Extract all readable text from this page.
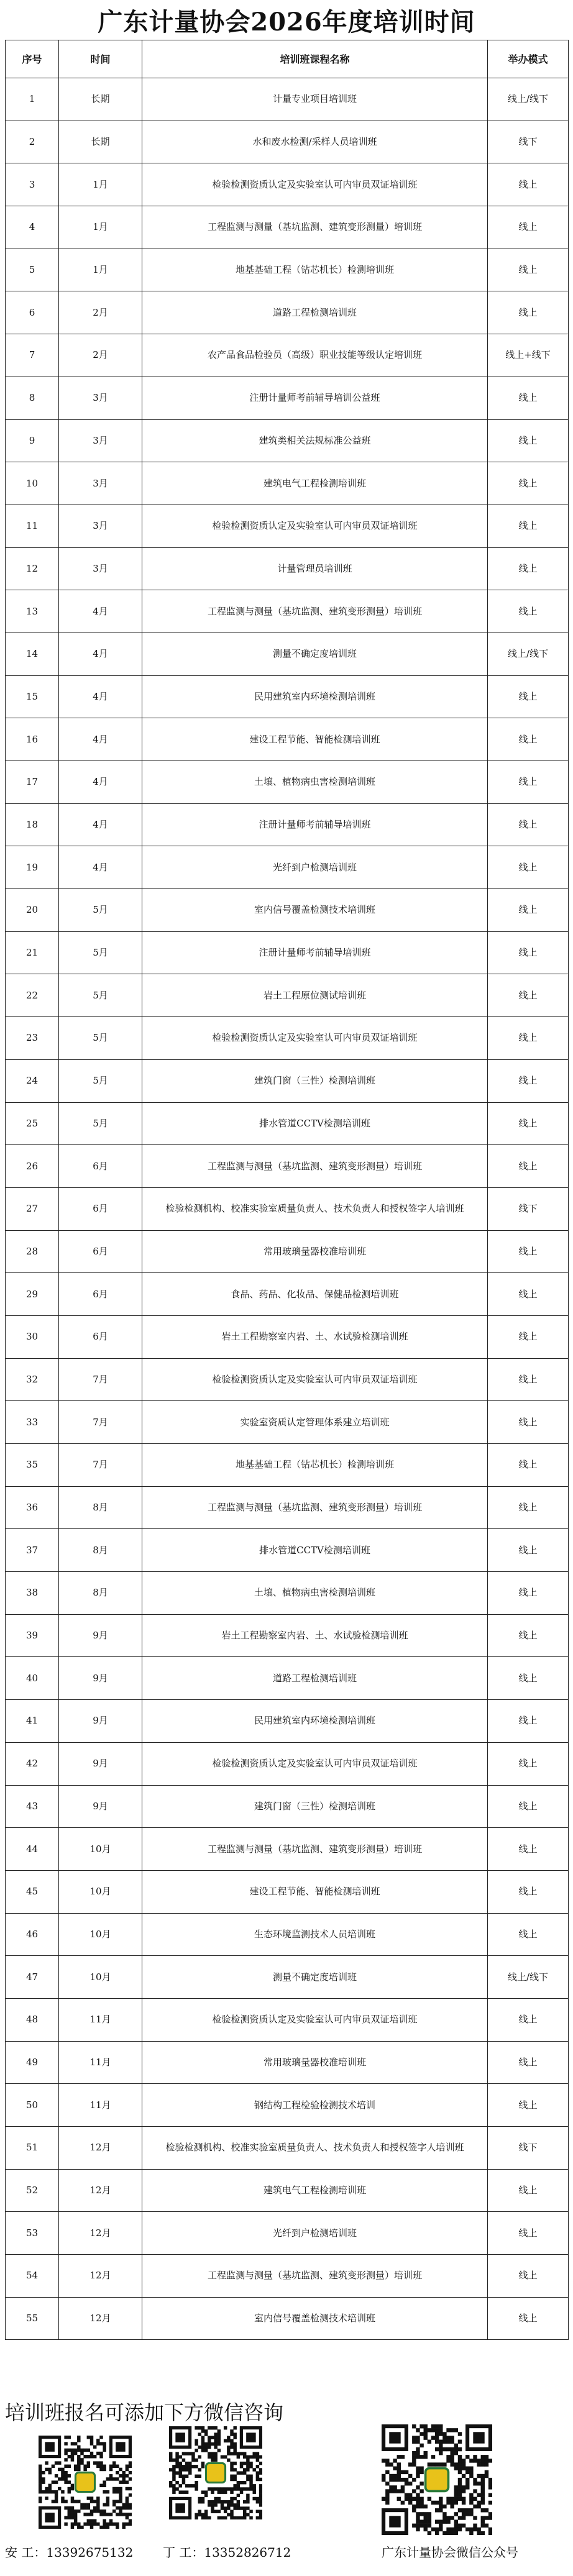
广东计量协会2026年度培训时间
序号	时间	培训班课程名称	举办模式
1	长期	计量专业项目培训班	线上/线下
2	长期	水和废水检测/采样人员培训班	线下
3	1月	检验检测资质认定及实验室认可内审员双证培训班	线上
4	1月	工程监测与测量（基坑监测、建筑变形测量）培训班	线上
5	1月	地基基础工程（钻芯机长）检测培训班	线上
6	2月	道路工程检测培训班	线上
7	2月	农产品食品检验员（高级）职业技能等级认定培训班	线上+线下
8	3月	注册计量师考前辅导培训公益班	线上
9	3月	建筑类相关法规标准公益班	线上
10	3月	建筑电气工程检测培训班	线上
11	3月	检验检测资质认定及实验室认可内审员双证培训班	线上
12	3月	计量管理员培训班	线上
13	4月	工程监测与测量（基坑监测、建筑变形测量）培训班	线上
14	4月	测量不确定度培训班	线上/线下
15	4月	民用建筑室内环境检测培训班	线上
16	4月	建设工程节能、智能检测培训班	线上
17	4月	土壤、植物病虫害检测培训班	线上
18	4月	注册计量师考前辅导培训班	线上
19	4月	光纤到户检测培训班	线上
20	5月	室内信号覆盖检测技术培训班	线上
21	5月	注册计量师考前辅导培训班	线上
22	5月	岩土工程原位测试培训班	线上
23	5月	检验检测资质认定及实验室认可内审员双证培训班	线上
24	5月	建筑门窗（三性）检测培训班	线上
25	5月	排水管道CCTV检测培训班	线上
26	6月	工程监测与测量（基坑监测、建筑变形测量）培训班	线上
27	6月	检验检测机构、校准实验室质量负责人、技术负责人和授权签字人培训班	线下
28	6月	常用玻璃量器校准培训班	线上
29	6月	食品、药品、化妆品、保健品检测培训班	线上
30	6月	岩土工程勘察室内岩、土、水试验检测培训班	线上
32	7月	检验检测资质认定及实验室认可内审员双证培训班	线上
33	7月	实验室资质认定管理体系建立培训班	线上
35	7月	地基基础工程（钻芯机长）检测培训班	线上
36	8月	工程监测与测量（基坑监测、建筑变形测量）培训班	线上
37	8月	排水管道CCTV检测培训班	线上
38	8月	土壤、植物病虫害检测培训班	线上
39	9月	岩土工程勘察室内岩、土、水试验检测培训班	线上
40	9月	道路工程检测培训班	线上
41	9月	民用建筑室内环境检测培训班	线上
42	9月	检验检测资质认定及实验室认可内审员双证培训班	线上
43	9月	建筑门窗（三性）检测培训班	线上
44	10月	工程监测与测量（基坑监测、建筑变形测量）培训班	线上
45	10月	建设工程节能、智能检测培训班	线上
46	10月	生态环境监测技术人员培训班	线上
47	10月	测量不确定度培训班	线上/线下
48	11月	检验检测资质认定及实验室认可内审员双证培训班	线上
49	11月	常用玻璃量器校准培训班	线上
50	11月	钢结构工程检验检测技术培训	线上
51	12月	检验检测机构、校准实验室质量负责人、技术负责人和授权签字人培训班	线下
52	12月	建筑电气工程检测培训班	线上
53	12月	光纤到户检测培训班	线上
54	12月	工程监测与测量（基坑监测、建筑变形测量）培训班	线上
55	12月	室内信号覆盖检测技术培训班	线上
培训班报名可添加下方微信咨询
安 工：13392675132 丁 工：13352826712	广东计量协会微信公众号
